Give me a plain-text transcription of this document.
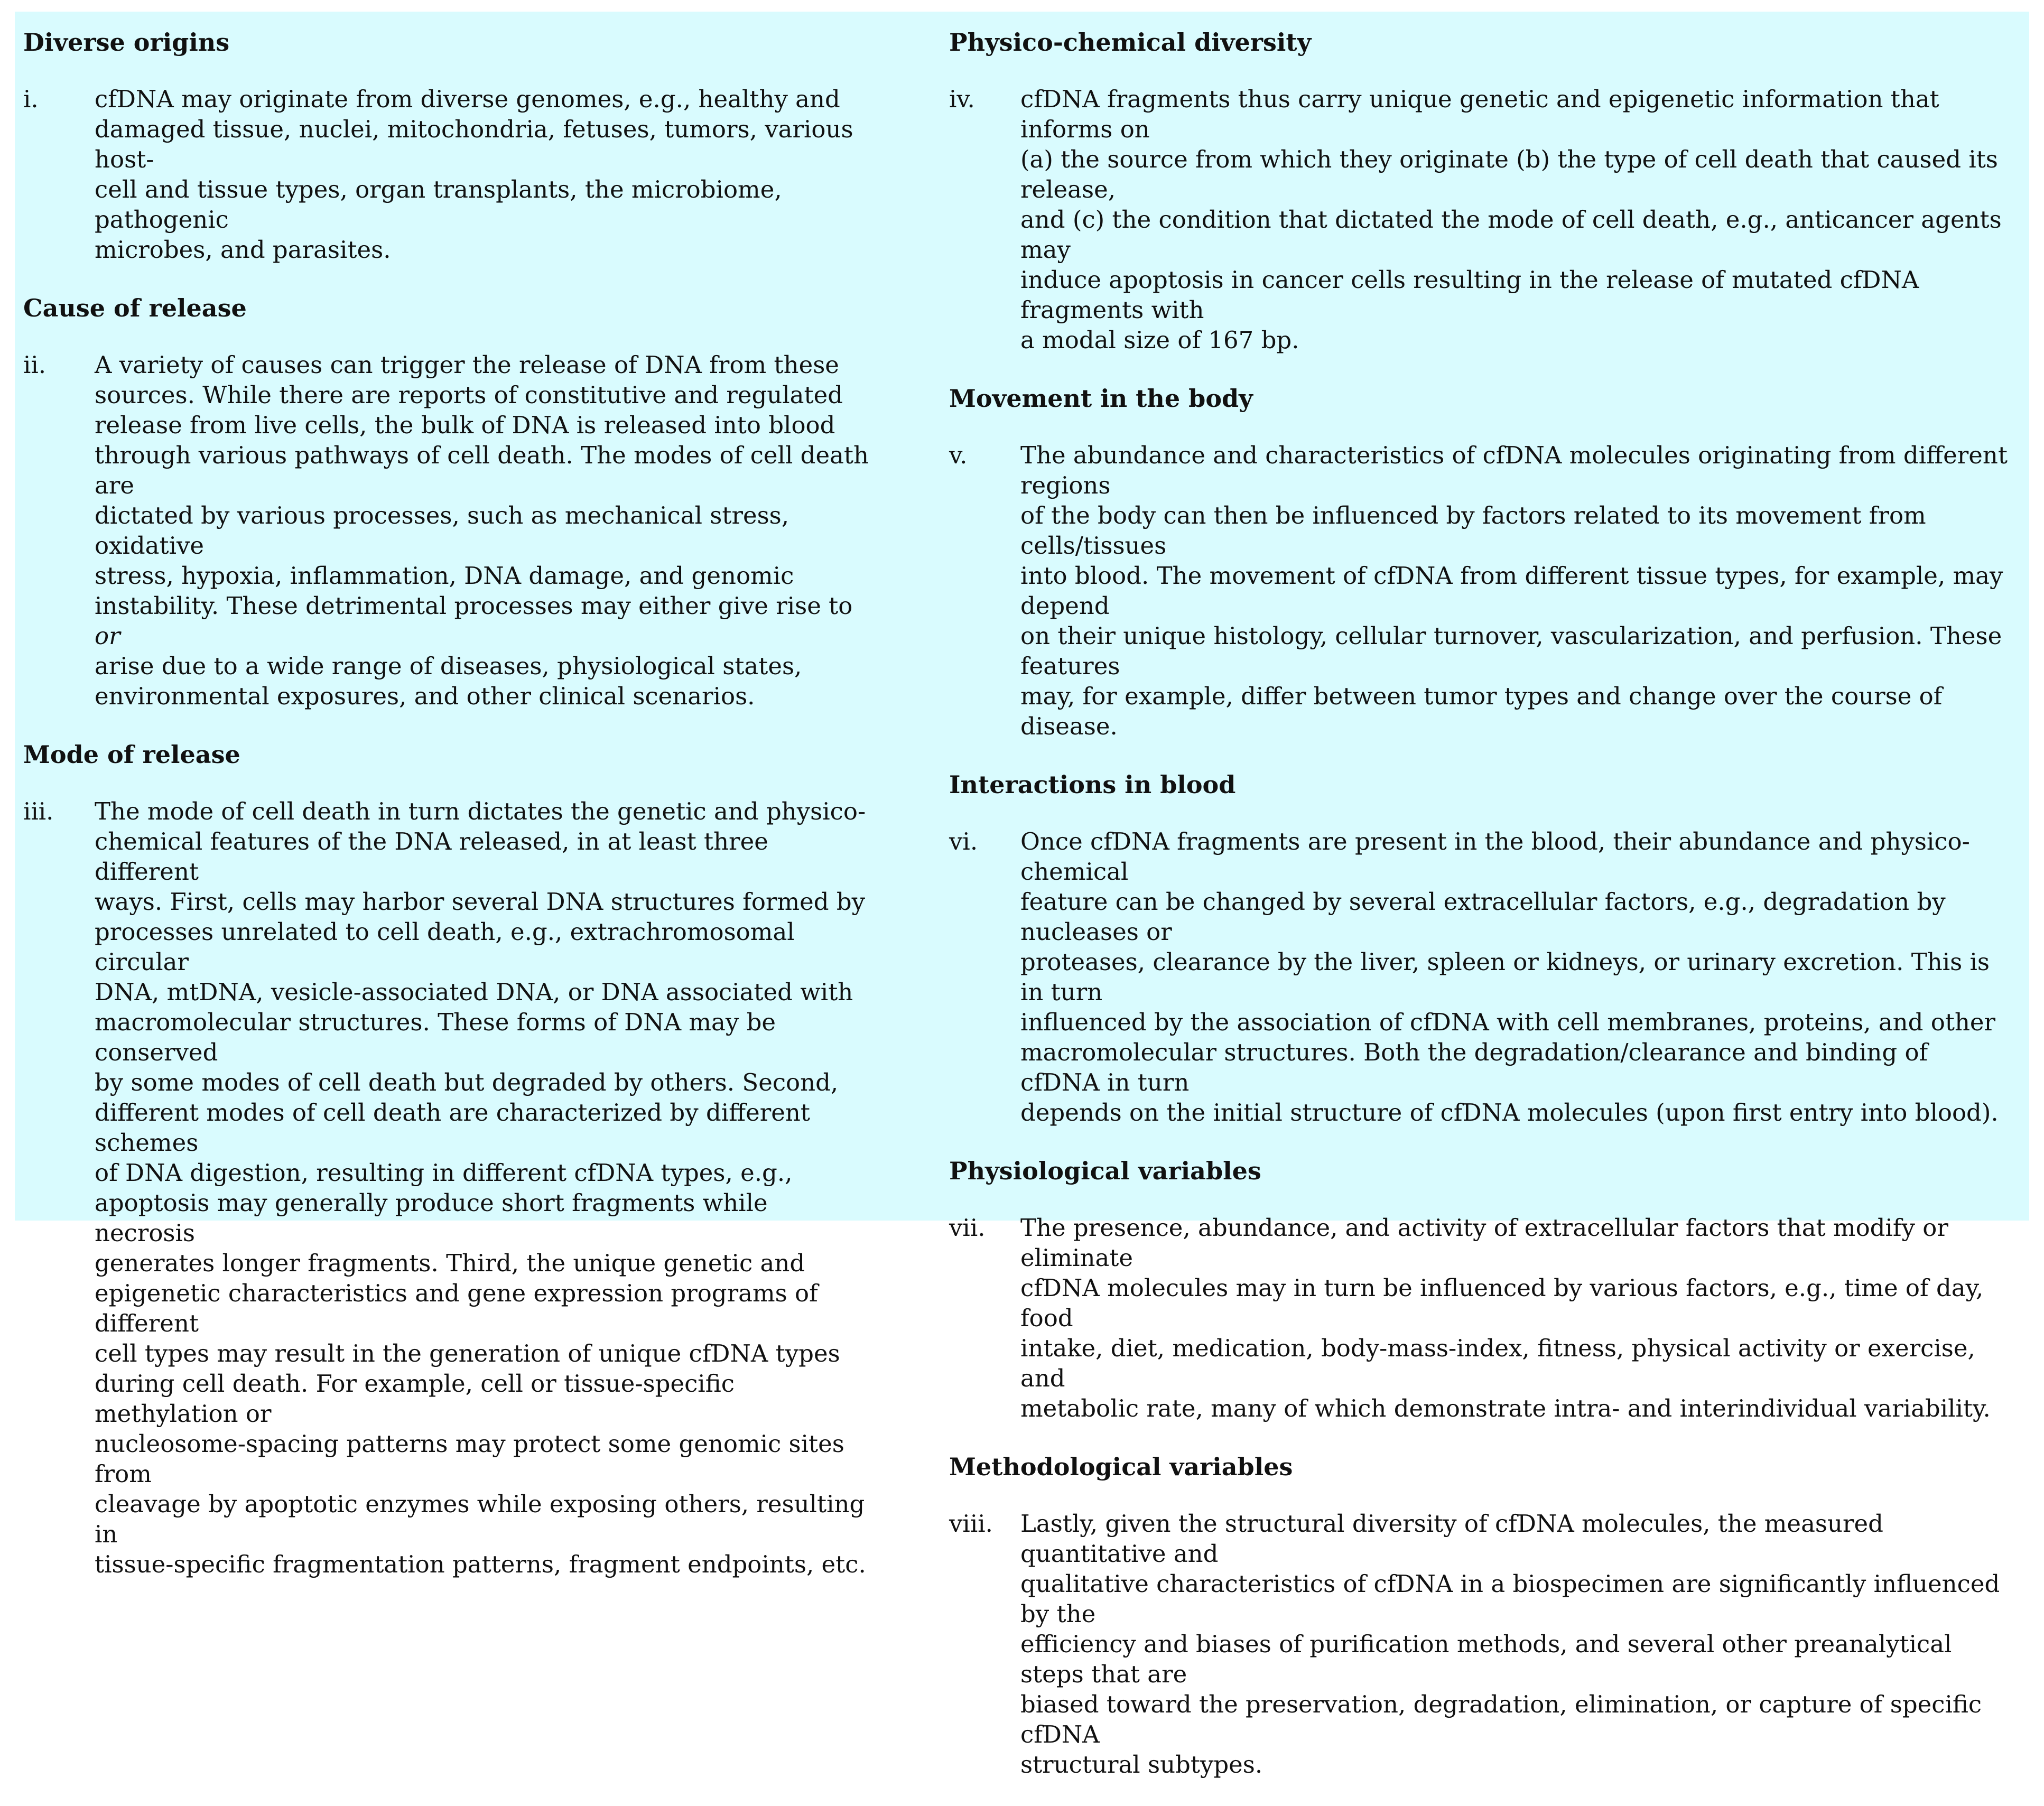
Diverse origins
i.	cfDNA may originate from diverse genomes, e.g., healthy and
damaged tissue, nuclei, mitochondria, fetuses, tumors, various host-
cell and tissue types, organ transplants, the microbiome, pathogenic
microbes, and parasites.
Cause of release
ii.	A variety of causes can trigger the release of DNA from these
sources. While there are reports of constitutive and regulated
release from live cells, the bulk of DNA is released into blood
through various pathways of cell death. The modes of cell death are
dictated by various processes, such as mechanical stress, oxidative
stress, hypoxia, inflammation, DNA damage, and genomic
instability. These detrimental processes may either give rise to or
arise due to a wide range of diseases, physiological states,
environmental exposures, and other clinical scenarios.
Mode of release
iii.	The mode of cell death in turn dictates the genetic and physico-
chemical features of the DNA released, in at least three different
ways. First, cells may harbor several DNA structures formed by
processes unrelated to cell death, e.g., extrachromosomal circular
DNA, mtDNA, vesicle-associated DNA, or DNA associated with
macromolecular structures. These forms of DNA may be conserved
by some modes of cell death but degraded by others. Second,
different modes of cell death are characterized by different schemes
of DNA digestion, resulting in different cfDNA types, e.g.,
apoptosis may generally produce short fragments while necrosis
generates longer fragments. Third, the unique genetic and
epigenetic characteristics and gene expression programs of different
cell types may result in the generation of unique cfDNA types
during cell death. For example, cell or tissue-specific methylation or
nucleosome-spacing patterns may protect some genomic sites from
cleavage by apoptotic enzymes while exposing others, resulting in
tissue-specific fragmentation patterns, fragment endpoints, etc.
Physico-chemical diversity
iv.	cfDNA fragments thus carry unique genetic and epigenetic information that informs on
(a) the source from which they originate (b) the type of cell death that caused its release,
and (c) the condition that dictated the mode of cell death, e.g., anticancer agents may
induce apoptosis in cancer cells resulting in the release of mutated cfDNA fragments with
a modal size of 167 bp.
Movement in the body
v.	The abundance and characteristics of cfDNA molecules originating from different regions
of the body can then be influenced by factors related to its movement from cells/tissues
into blood. The movement of cfDNA from different tissue types, for example, may depend
on their unique histology, cellular turnover, vascularization, and perfusion. These features
may, for example, differ between tumor types and change over the course of disease.
Interactions in blood
vi.	Once cfDNA fragments are present in the blood, their abundance and physico-chemical
feature can be changed by several extracellular factors, e.g., degradation by nucleases or
proteases, clearance by the liver, spleen or kidneys, or urinary excretion. This is in turn
influenced by the association of cfDNA with cell membranes, proteins, and other
macromolecular structures. Both the degradation/clearance and binding of cfDNA in turn
depends on the initial structure of cfDNA molecules (upon first entry into blood).
Physiological variables
vii.	The presence, abundance, and activity of extracellular factors that modify or eliminate
cfDNA molecules may in turn be influenced by various factors, e.g., time of day, food
intake, diet, medication, body-mass-index, fitness, physical activity or exercise, and
metabolic rate, many of which demonstrate intra- and interindividual variability.
Methodological variables
viii.	Lastly, given the structural diversity of cfDNA molecules, the measured quantitative and
qualitative characteristics of cfDNA in a biospecimen are significantly influenced by the
efficiency and biases of purification methods, and several other preanalytical steps that are
biased toward the preservation, degradation, elimination, or capture of specific cfDNA
structural subtypes.
